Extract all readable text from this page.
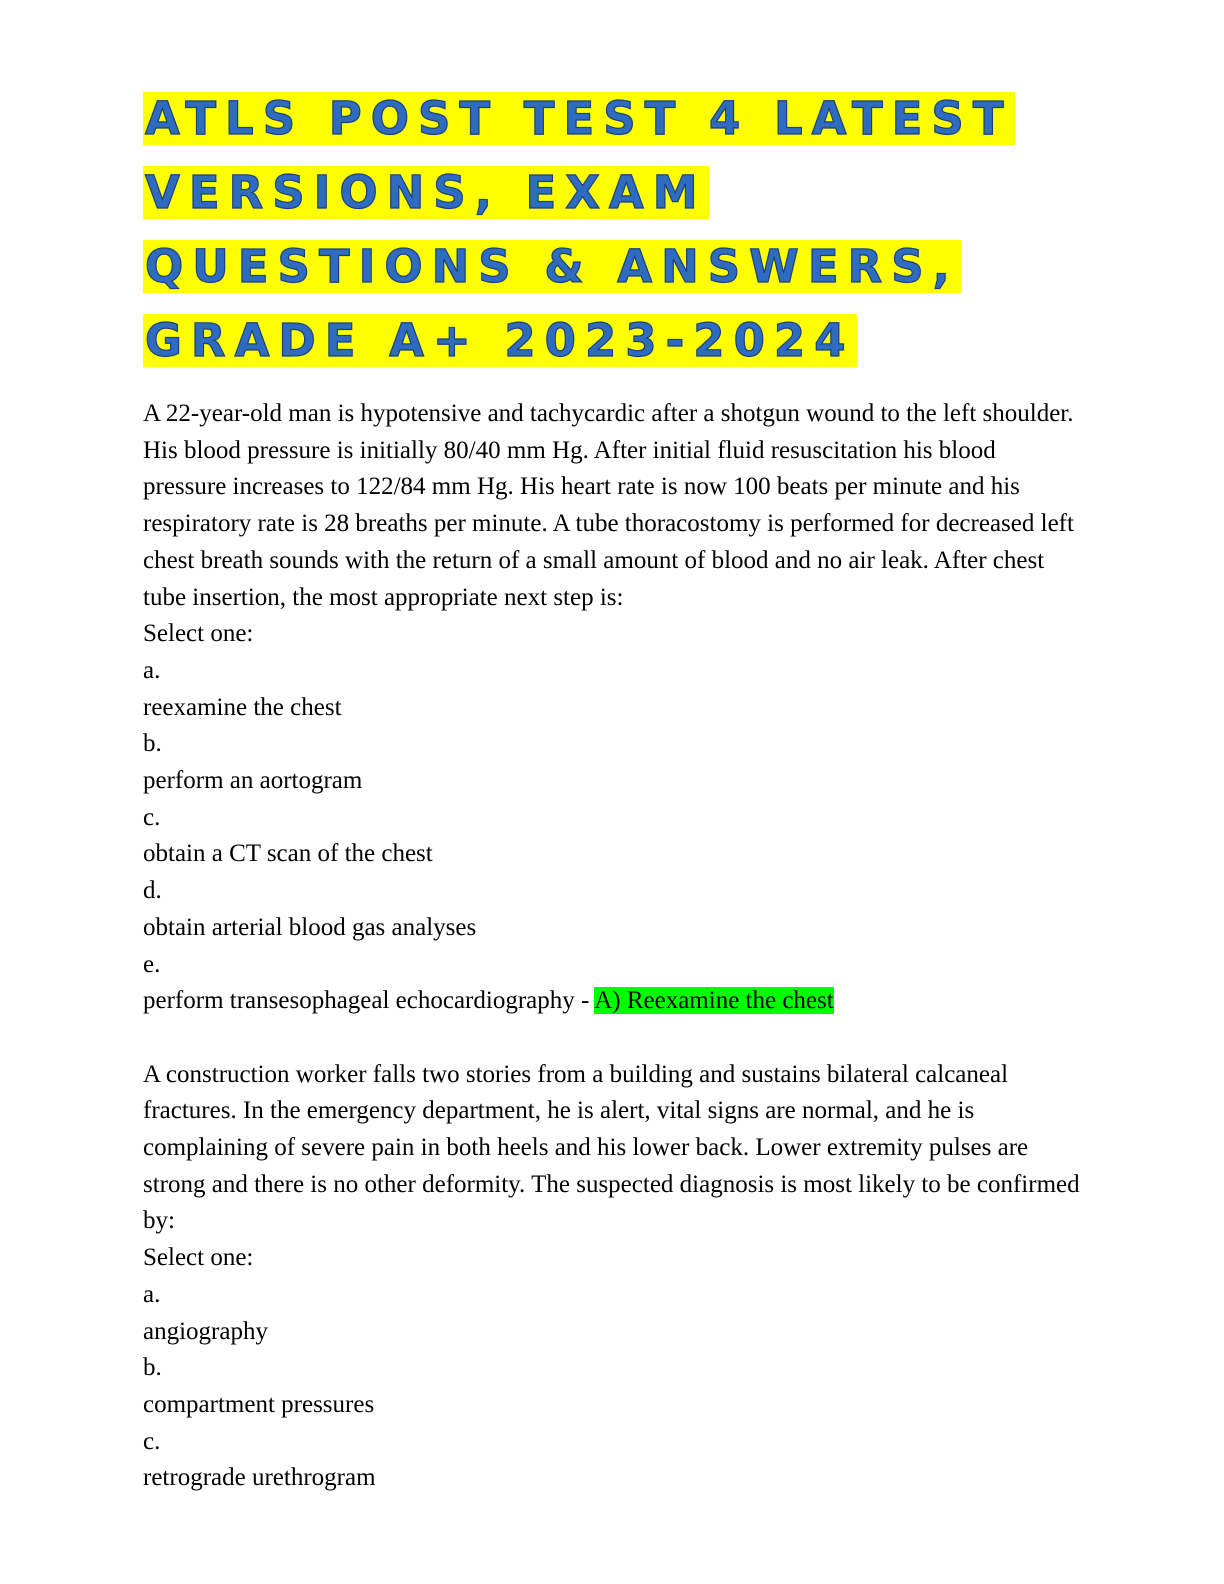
ATLS POST TEST 4 LATEST VERSIONS, EXAM QUESTIONS & ANSWERS, GRADE A+ 2023-2024

A 22-year-old man is hypotensive and tachycardic after a shotgun wound to the left shoulder. His blood pressure is initially 80/40 mm Hg. After initial fluid resuscitation his blood pressure increases to 122/84 mm Hg. His heart rate is now 100 beats per minute and his respiratory rate is 28 breaths per minute. A tube thoracostomy is performed for decreased left chest breath sounds with the return of a small amount of blood and no air leak. After chest tube insertion, the most appropriate next step is:

Select one:

a.

reexamine the chest

b.

perform an aortogram

c.

obtain a CT scan of the chest

d.

obtain arterial blood gas analyses

e.

perform transesophageal echocardiography - A) Reexamine the chest

A construction worker falls two stories from a building and sustains bilateral calcaneal fractures. In the emergency department, he is alert, vital signs are normal, and he is complaining of severe pain in both heels and his lower back. Lower extremity pulses are strong and there is no other deformity. The suspected diagnosis is most likely to be confirmed by:

Select one:

a.

angiography

b.

compartment pressures

c.

retrograde urethrogram
